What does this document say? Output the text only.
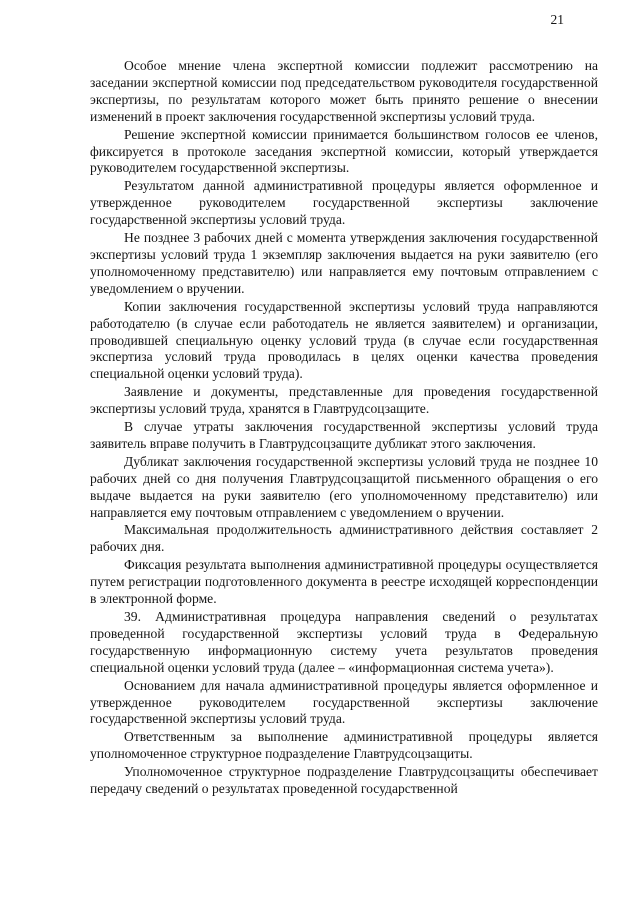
21

Особое мнение члена экспертной комиссии подлежит рассмотрению на заседании экспертной комиссии под председательством руководителя государственной экспертизы, по результатам которого может быть принято решение о внесении изменений в проект заключения государственной экспертизы условий труда.

Решение экспертной комиссии принимается большинством голосов ее членов, фиксируется в протоколе заседания экспертной комиссии, который утверждается руководителем государственной экспертизы.

Результатом данной административной процедуры является оформленное и утвержденное руководителем государственной экспертизы заключение государственной экспертизы условий труда.

Не позднее 3 рабочих дней с момента утверждения заключения государственной экспертизы условий труда 1 экземпляр заключения выдается на руки заявителю (его уполномоченному представителю) или направляется ему почтовым отправлением с уведомлением о вручении.

Копии заключения государственной экспертизы условий труда направляются работодателю (в случае если работодатель не является заявителем) и организации, проводившей специальную оценку условий труда (в случае если государственная экспертиза условий труда проводилась в целях оценки качества проведения специальной оценки условий труда).

Заявление и документы, представленные для проведения государственной экспертизы условий труда, хранятся в Главтрудсоцзащите.

В случае утраты заключения государственной экспертизы условий труда заявитель вправе получить в Главтрудсоцзащите дубликат этого заключения.

Дубликат заключения государственной экспертизы условий труда не позднее 10 рабочих дней со дня получения Главтрудсоцзащитой письменного обращения о его выдаче выдается на руки заявителю (его уполномоченному представителю) или направляется ему почтовым отправлением с уведомлением о вручении.

Максимальная продолжительность административного действия составляет 2 рабочих дня.

Фиксация результата выполнения административной процедуры осуществляется путем регистрации подготовленного документа в реестре исходящей корреспонденции в электронной форме.

39. Административная процедура направления сведений о результатах проведенной государственной экспертизы условий труда в Федеральную государственную информационную систему учета результатов проведения специальной оценки условий труда (далее – «информационная система учета»).

Основанием для начала административной процедуры является оформленное и утвержденное руководителем государственной экспертизы заключение государственной экспертизы условий труда.

Ответственным за выполнение административной процедуры является уполномоченное структурное подразделение Главтрудсоцзащиты.

Уполномоченное структурное подразделение Главтрудсоцзащиты обеспечивает передачу сведений о результатах проведенной государственной
